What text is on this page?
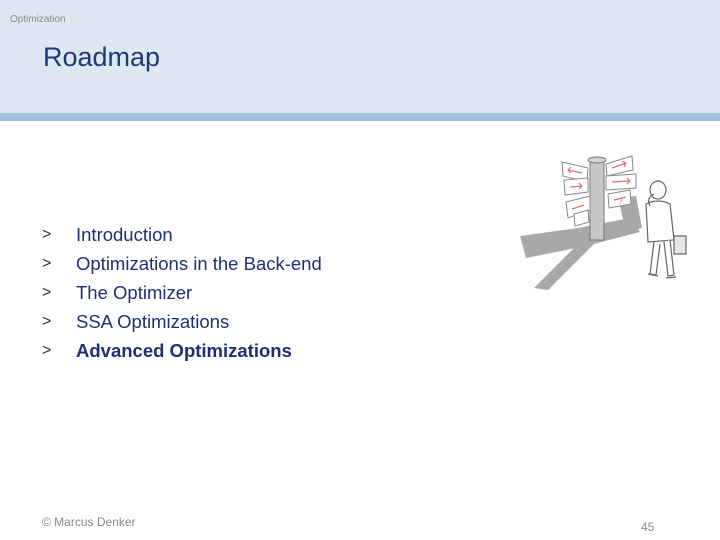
Optimization
Roadmap
>	Introduction
>	Optimizations in the Back-end
>	The Optimizer
>	SSA Optimizations
>	Advanced Optimizations
?
© Marcus Denker	45
